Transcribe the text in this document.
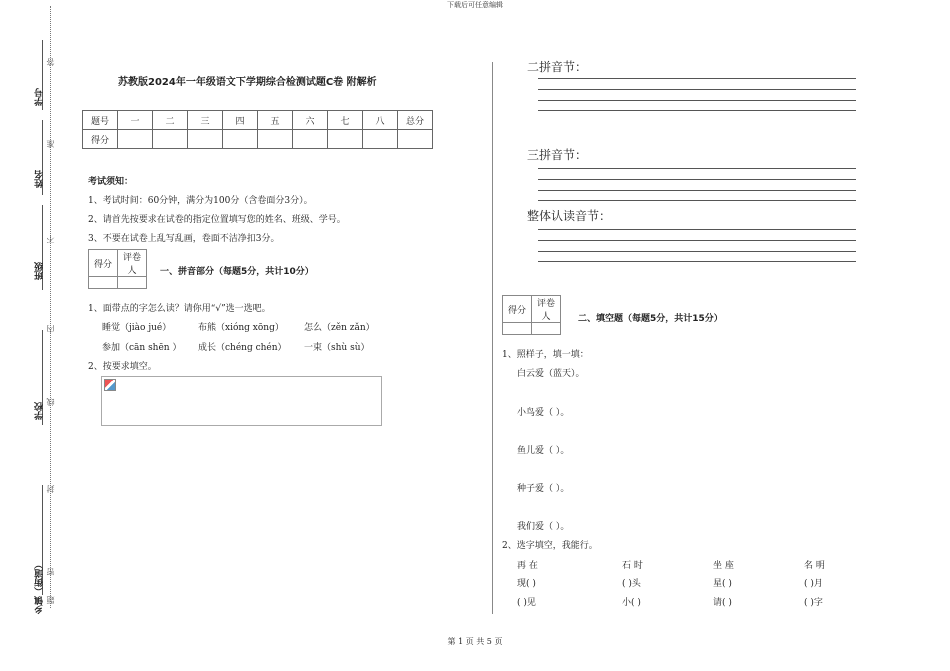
下载后可任意编辑
第 1 页 共 5 页
学号
姓名
班级
学校
乡镇（街道）
答
准
不
内
线
封
密
题
苏教版2024年一年级语文下学期综合检测试题C卷 附解析
题号	一	二	三	四	五	六	七	八	总分
得分									
考试须知：
1、考试时间：60分钟，满分为100分（含卷面分3分）。
2、请首先按要求在试卷的指定位置填写您的姓名、班级、学号。
3、不要在试卷上乱写乱画，卷面不洁净扣3分。
得分	评卷人
		一、拼音部分（每题5分，共计10分）
1、面带点的字怎么读？请你用“√”选一选吧。
睡觉（jiào jué）	布熊（xióng xōng） 怎么（zěn zǎn）
参加（cān shēn ） 成长（chéng chén） 一束（shù sù）
2、按要求填空。
二拼音节：
三拼音节：
整体认读音节：
得分	评卷人
		二、填空题（每题5分，共计15分）
1、照样子，填一填：
白云爱（蓝天）。
小鸟爱（ ）。
鱼儿爱（ ）。
种子爱（ ）。
我们爱（ ）。
2、选字填空，我能行。
再 在	石 时	坐 座	名 明
现( )	( )头	星( )	( )月
( )见	小( )	请( )	( )字
